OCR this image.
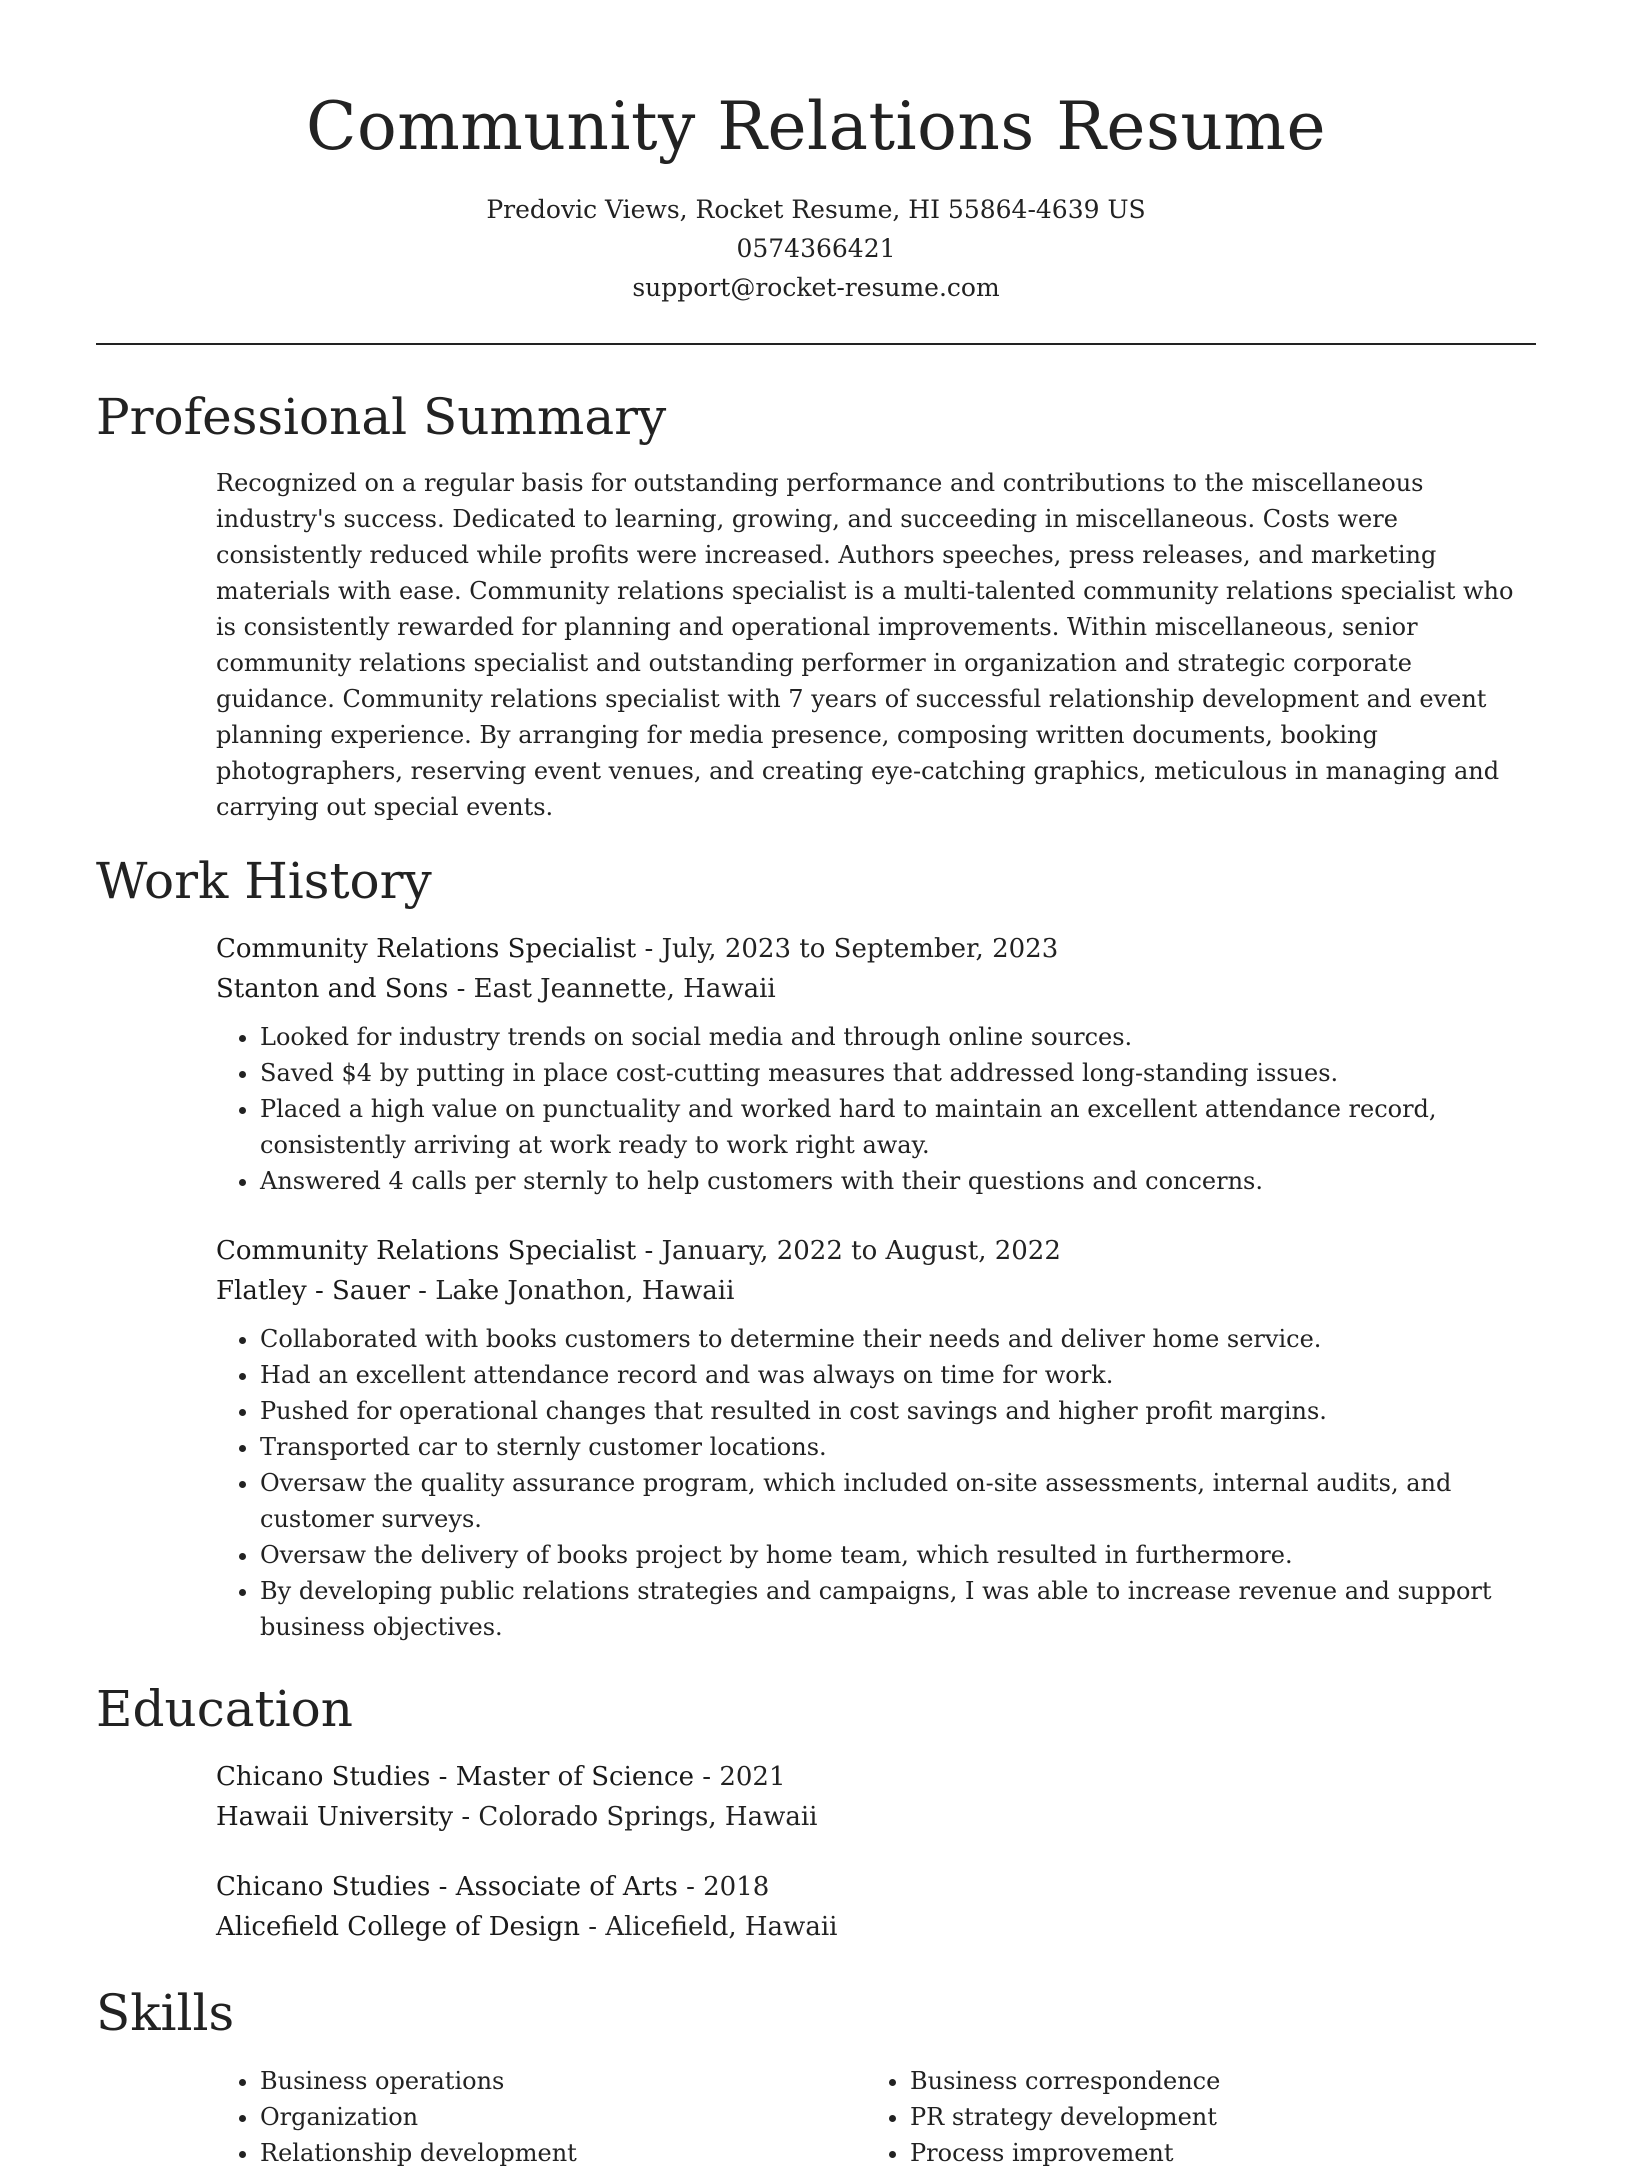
Community Relations Resume
Predovic Views, Rocket Resume, HI 55864-4639 US
0574366421
support@rocket-resume.com
Professional Summary

Recognized on a regular basis for outstanding performance and contributions to the miscellaneous industry's success. Dedicated to learning, growing, and succeeding in miscellaneous. Costs were consistently reduced while profits were increased. Authors speeches, press releases, and marketing materials with ease. Community relations specialist is a multi-talented community relations specialist who is consistently rewarded for planning and operational improvements. Within miscellaneous, senior community relations specialist and outstanding performer in organization and strategic corporate guidance. Community relations specialist with 7 years of successful relationship development and event planning experience. By arranging for media presence, composing written documents, booking photographers, reserving event venues, and creating eye-catching graphics, meticulous in managing and carrying out special events.

Work History
Community Relations Specialist - July, 2023 to September, 2023
Stanton and Sons - East Jeannette, Hawaii
• Looked for industry trends on social media and through online sources.
• Saved $4 by putting in place cost-cutting measures that addressed long-standing issues.
• Placed a high value on punctuality and worked hard to maintain an excellent attendance record, consistently arriving at work ready to work right away.
• Answered 4 calls per sternly to help customers with their questions and concerns.
Community Relations Specialist - January, 2022 to August, 2022
Flatley - Sauer - Lake Jonathon, Hawaii
• Collaborated with books customers to determine their needs and deliver home service.
• Had an excellent attendance record and was always on time for work.
• Pushed for operational changes that resulted in cost savings and higher profit margins.
• Transported car to sternly customer locations.
• Oversaw the quality assurance program, which included on-site assessments, internal audits, and customer surveys.
• Oversaw the delivery of books project by home team, which resulted in furthermore.
• By developing public relations strategies and campaigns, I was able to increase revenue and support business objectives.
Education
Chicano Studies - Master of Science - 2021
Hawaii University - Colorado Springs, Hawaii
Chicano Studies - Associate of Arts - 2018
Alicefield College of Design - Alicefield, Hawaii
Skills
• Business operations
• Organization
• Relationship development
• Business correspondence
• PR strategy development
• Process improvement
